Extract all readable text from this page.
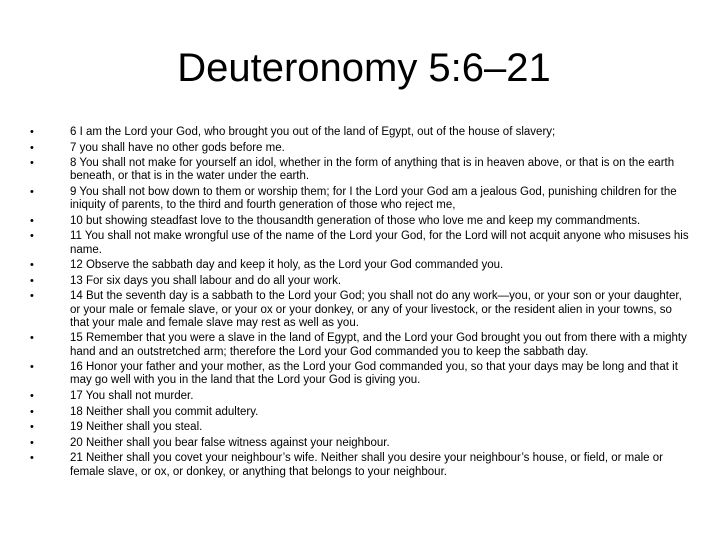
Deuteronomy 5:6–21
•	6 I am the Lord your God, who brought you out of the land of Egypt, out of the house of slavery;
•	7 you shall have no other gods before me.
•	8 You shall not make for yourself an idol, whether in the form of anything that is in heaven above, or that is on the earth beneath, or that is in the water under the earth.
•	9 You shall not bow down to them or worship them; for I the Lord your God am a jealous God, punishing children for the iniquity of parents, to the third and fourth generation of those who reject me,
•	10 but showing steadfast love to the thousandth generation of those who love me and keep my commandments.
•	11 You shall not make wrongful use of the name of the Lord your God, for the Lord will not acquit anyone who misuses his name.
•	12 Observe the sabbath day and keep it holy, as the Lord your God commanded you.
•	13 For six days you shall labour and do all your work.
•	14 But the seventh day is a sabbath to the Lord your God; you shall not do any work—you, or your son or your daughter, or your male or female slave, or your ox or your donkey, or any of your livestock, or the resident alien in your towns, so that your male and female slave may rest as well as you.
•	15 Remember that you were a slave in the land of Egypt, and the Lord your God brought you out from there with a mighty hand and an outstretched arm; therefore the Lord your God commanded you to keep the sabbath day.
•	16 Honor your father and your mother, as the Lord your God commanded you, so that your days may be long and that it may go well with you in the land that the Lord your God is giving you.
•	17 You shall not murder.
•	18 Neither shall you commit adultery.
•	19 Neither shall you steal.
•	20 Neither shall you bear false witness against your neighbour.
•	21 Neither shall you covet your neighbour’s wife. Neither shall you desire your neighbour’s house, or field, or male or female slave, or ox, or donkey, or anything that belongs to your neighbour.
